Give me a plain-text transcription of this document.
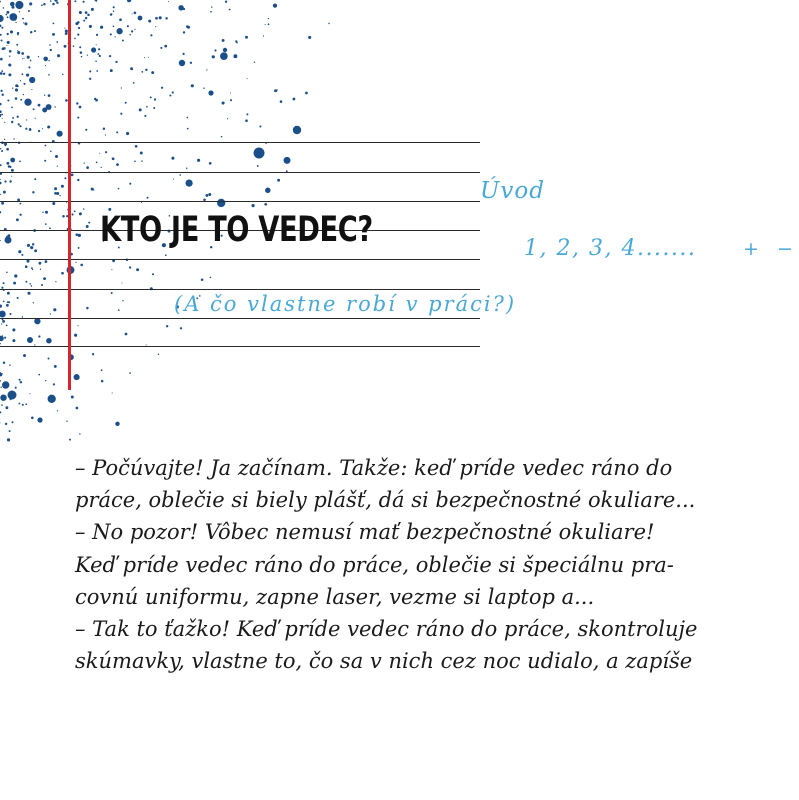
KTO JE TO VEDEC?
Úvod
1, 2, 3, 4....... + −
(A čo vlastne robí v práci?)
– Počúvajte! Ja začínam. Takže: keď príde vedec ráno do
práce, oblečie si biely plášť, dá si bezpečnostné okuliare...
– No pozor! Vôbec nemusí mať bezpečnostné okuliare!
Keď príde vedec ráno do práce, oblečie si špeciálnu pra-
covnú uniformu, zapne laser, vezme si laptop a...
– Tak to ťažko! Keď príde vedec ráno do práce, skontroluje
skúmavky, vlastne to, čo sa v nich cez noc udialo, a zapíše
